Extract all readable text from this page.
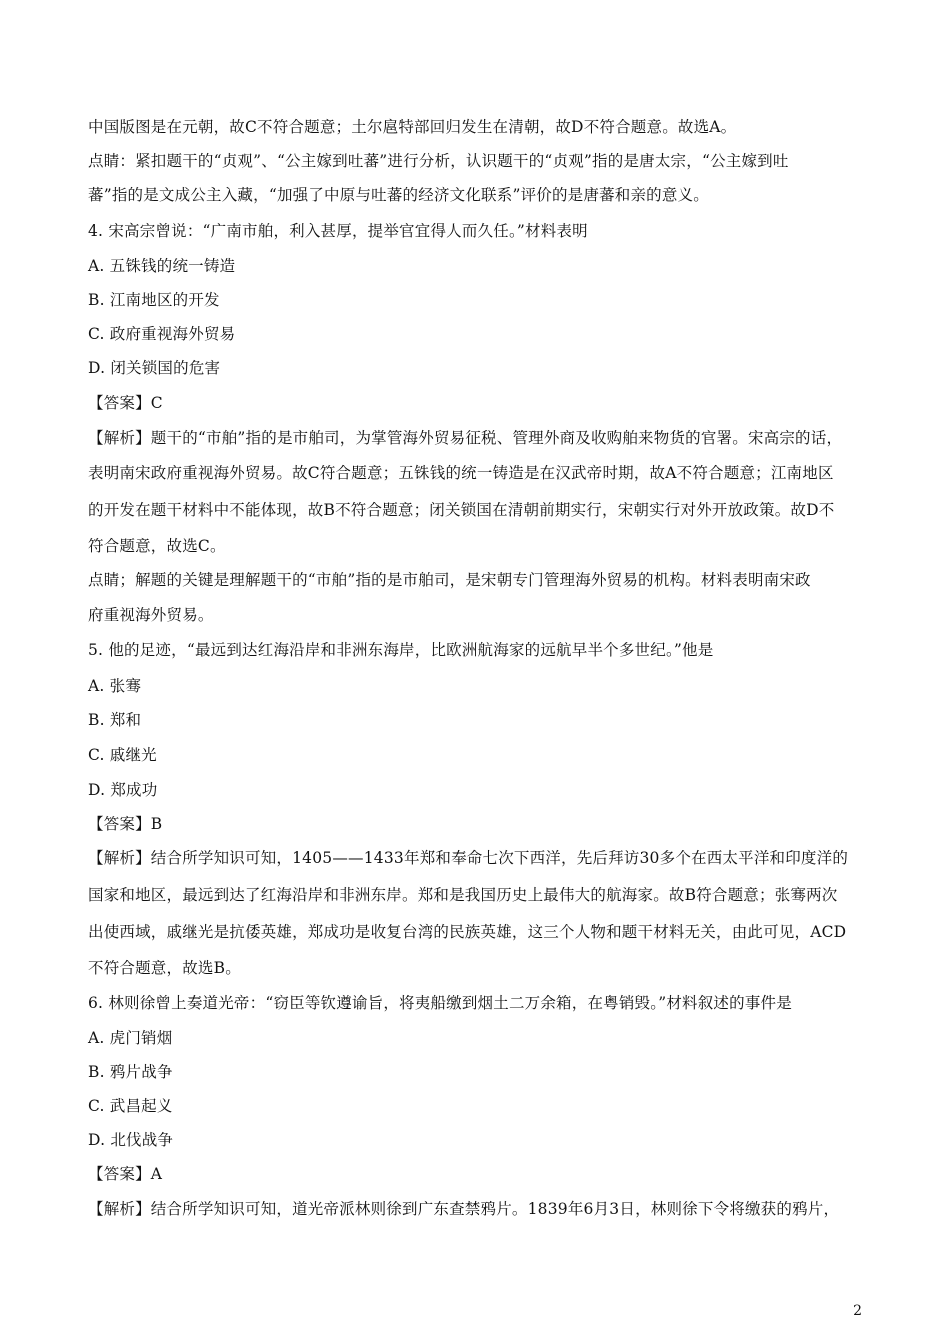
中国版图是在元朝，故C不符合题意；土尔扈特部回归发生在清朝，故D不符合题意。故选A。
点睛：紧扣题干的“贞观”、“公主嫁到吐蕃”进行分析，认识题干的“贞观”指的是唐太宗，“公主嫁到吐
蕃”指的是文成公主入藏，“加强了中原与吐蕃的经济文化联系”评价的是唐蕃和亲的意义。
4. 宋高宗曾说：“广南市舶，利入甚厚，提举官宜得人而久任。”材料表明
A. 五铢钱的统一铸造
B. 江南地区的开发
C. 政府重视海外贸易
D. 闭关锁国的危害
【答案】C
【解析】题干的“市舶”指的是市舶司，为掌管海外贸易征税、管理外商及收购舶来物货的官署。宋高宗的话，
表明南宋政府重视海外贸易。故C符合题意；五铢钱的统一铸造是在汉武帝时期，故A不符合题意；江南地区
的开发在题干材料中不能体现，故B不符合题意；闭关锁国在清朝前期实行，宋朝实行对外开放政策。故D不
符合题意，故选C。
点睛；解题的关键是理解题干的“市舶”指的是市舶司，是宋朝专门管理海外贸易的机构。材料表明南宋政
府重视海外贸易。
5. 他的足迹，“最远到达红海沿岸和非洲东海岸，比欧洲航海家的远航早半个多世纪。”他是
A. 张骞
B. 郑和
C. 戚继光
D. 郑成功
【答案】B
【解析】结合所学知识可知，1405——1433年郑和奉命七次下西洋，先后拜访30多个在西太平洋和印度洋的
国家和地区，最远到达了红海沿岸和非洲东岸。郑和是我国历史上最伟大的航海家。故B符合题意；张骞两次
出使西域，戚继光是抗倭英雄，郑成功是收复台湾的民族英雄，这三个人物和题干材料无关，由此可见，ACD
不符合题意，故选B。
6. 林则徐曾上奏道光帝：“窃臣等钦遵谕旨，将夷船缴到烟土二万余箱，在粤销毁。”材料叙述的事件是
A. 虎门销烟
B. 鸦片战争
C. 武昌起义
D. 北伐战争
【答案】A
【解析】结合所学知识可知，道光帝派林则徐到广东查禁鸦片。1839年6月3日，林则徐下令将缴获的鸦片，
2
